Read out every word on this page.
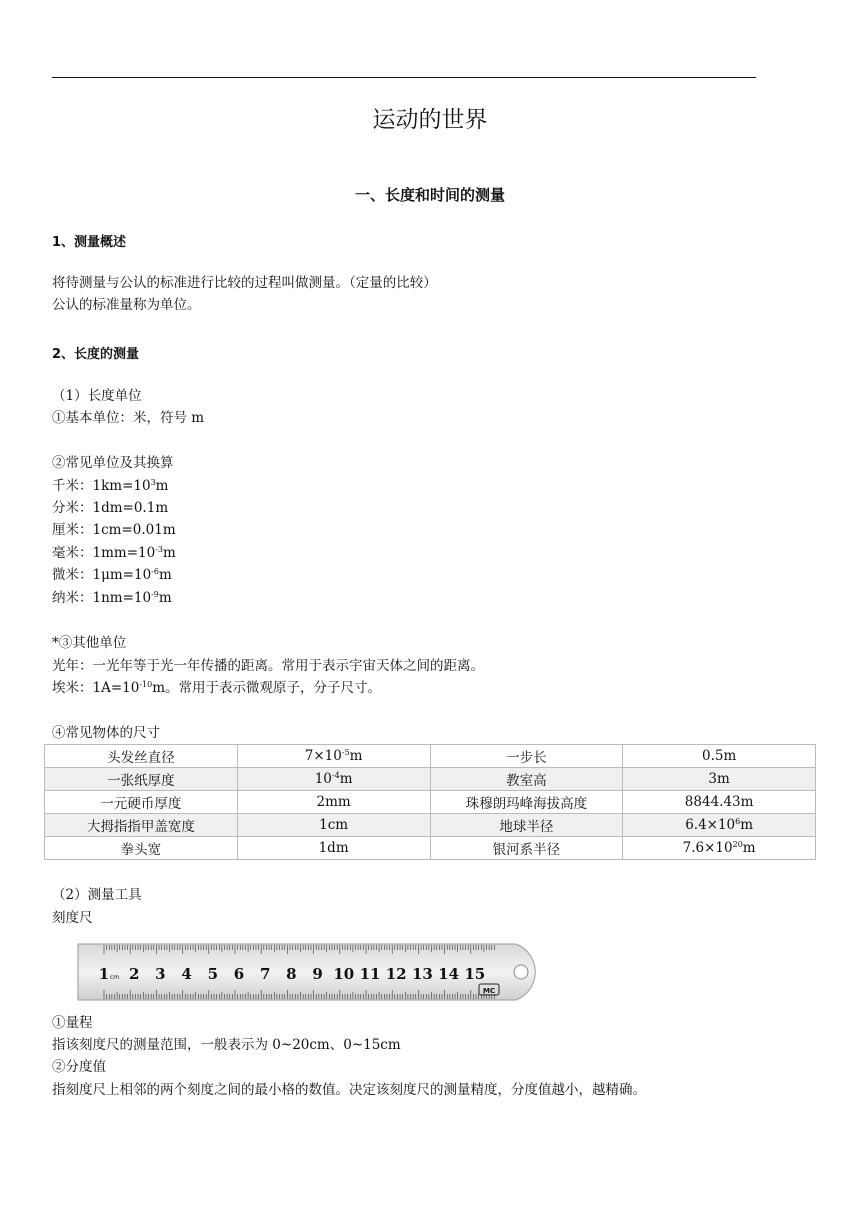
运动的世界
一、长度和时间的测量
1、测量概述
将待测量与公认的标准进行比较的过程叫做测量。（定量的比较）
公认的标准量称为单位。
2、长度的测量
（1）长度单位
①基本单位：米，符号 m
②常见单位及其换算
千米：$1km=10^3m$
分米：1dm=0.1m
厘米：1cm=0.01m
毫米：$1mm=10^{-3}m$
微米：$1\mu m=10^{-6}m$
纳米：$1nm=10^{-9}m$
*③其他单位
光年：一光年等于光一年传播的距离。常用于表示宇宙天体之间的距离。
埃米：$1A=10^{-10}m$。常用于表示微观原子，分子尺寸。
④常见物体的尺寸
头发丝直径	$7\times 10^{-5}m$	一步长	0.5m
一张纸厚度	$10^{-4}m$	教室高	3m
一元硬币厚度	2mm	珠穆朗玛峰海拔高度	8844.43m
大拇指指甲盖宽度	1cm	地球半径	$6.4\times 10^6m$
拳头宽	1dm	银河系半径	$7.6\times 10^{20}m$
（2）测量工具
刻度尺
1 2 3 4 5 6 7 8 9 10 11 12 13 14 15
cm
MC
①量程
指该刻度尺的测量范围，一般表示为 0~20cm、0~15cm
②分度值
指刻度尺上相邻的两个刻度之间的最小格的数值。决定该刻度尺的测量精度，分度值越小，越精确。
